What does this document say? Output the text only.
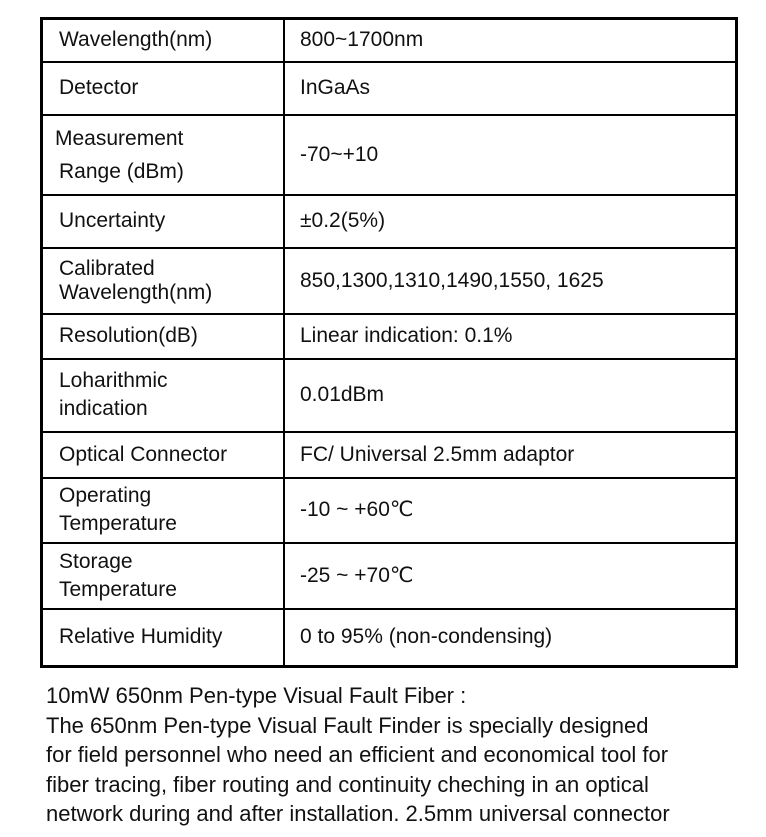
Wavelength(nm)	800~1700nm

Detector	InGaAs

Measurement
Range (dBm)	-70~+10

Uncertainty	±0.2(5%)

Calibrated
Wavelength(nm)	850,1300,1310,1490,1550, 1625

Resolution(dB)	Linear indication: 0.1%

Loharithmic
indication	0.01dBm

Optical Connector	FC/ Universal 2.5mm adaptor

Operating
Temperature	-10 ~ +60℃

Storage
Temperature	-25 ~ +70℃

Relative Humidity	0 to 95% (non-condensing)

10mW 650nm Pen-type Visual Fault Fiber :
The 650nm Pen-type Visual Fault Finder is specially designed
for field personnel who need an efficient and economical tool for
fiber tracing, fiber routing and continuity cheching in an optical
network during and after installation. 2.5mm universal connector
